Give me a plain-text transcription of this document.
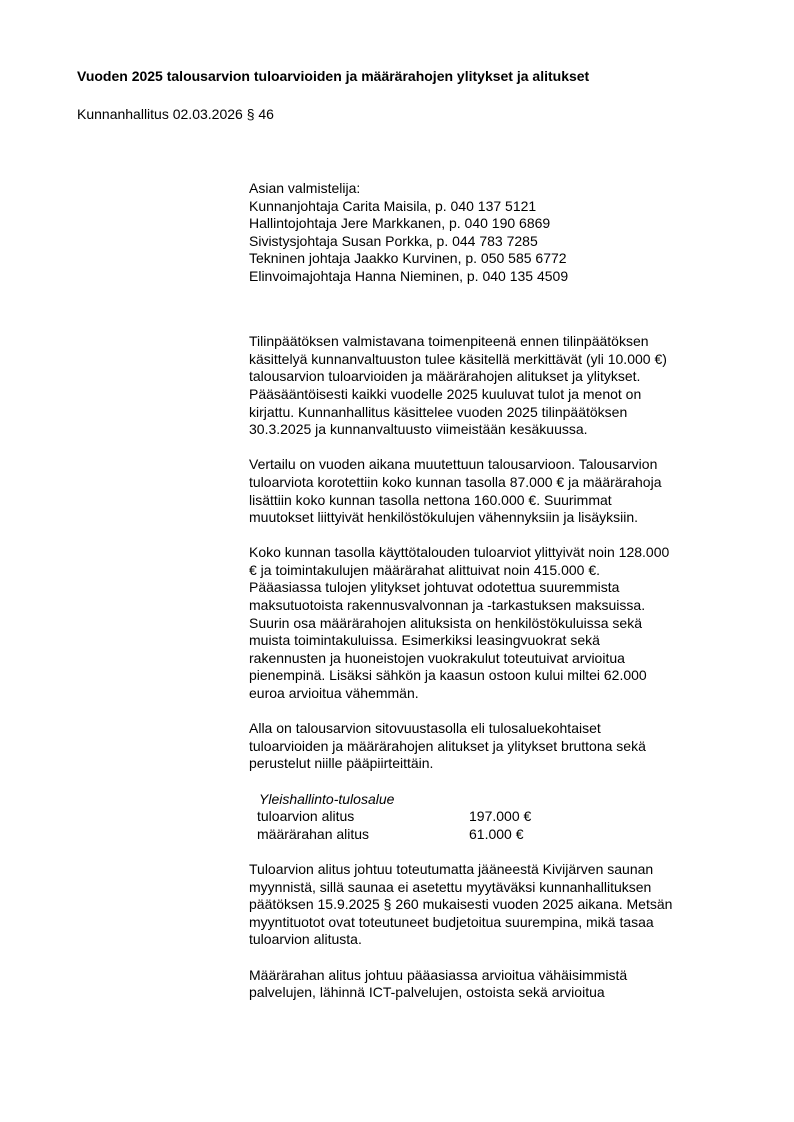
Vuoden 2025 talousarvion tuloarvioiden ja määrärahojen ylitykset ja alitukset
Kunnanhallitus 02.03.2026 § 46
Asian valmistelija:
Kunnanjohtaja Carita Maisila, p. 040 137 5121
Hallintojohtaja Jere Markkanen, p. 040 190 6869
Sivistysjohtaja Susan Porkka, p. 044 783 7285
Tekninen johtaja Jaakko Kurvinen, p. 050 585 6772
Elinvoimajohtaja Hanna Nieminen, p. 040 135 4509
Tilinpäätöksen valmistavana toimenpiteenä ennen tilinpäätöksen
käsittelyä kunnanvaltuuston tulee käsitellä merkittävät (yli 10.000 €)
talousarvion tuloarvioiden ja määrärahojen alitukset ja ylitykset.
Pääsääntöisesti kaikki vuodelle 2025 kuuluvat tulot ja menot on
kirjattu. Kunnanhallitus käsittelee vuoden 2025 tilinpäätöksen
30.3.2025 ja kunnanvaltuusto viimeistään kesäkuussa.
Vertailu on vuoden aikana muutettuun talousarvioon. Talousarvion
tuloarviota korotettiin koko kunnan tasolla 87.000 € ja määrärahoja
lisättiin koko kunnan tasolla nettona 160.000 €. Suurimmat
muutokset liittyivät henkilöstökulujen vähennyksiin ja lisäyksiin.
Koko kunnan tasolla käyttötalouden tuloarviot ylittyivät noin 128.000
€ ja toimintakulujen määrärahat alittuivat noin 415.000 €.
Pääasiassa tulojen ylitykset johtuvat odotettua suuremmista
maksutuotoista rakennusvalvonnan ja -tarkastuksen maksuissa.
Suurin osa määrärahojen alituksista on henkilöstökuluissa sekä
muista toimintakuluissa. Esimerkiksi leasingvuokrat sekä
rakennusten ja huoneistojen vuokrakulut toteutuivat arvioitua
pienempinä. Lisäksi sähkön ja kaasun ostoon kului miltei 62.000
euroa arvioitua vähemmän.
Alla on talousarvion sitovuustasolla eli tulosaluekohtaiset
tuloarvioiden ja määrärahojen alitukset ja ylitykset bruttona sekä
perustelut niille pääpiirteittäin.
Yleishallinto-tulosalue
tuloarvion alitus	197.000 €
määrärahan alitus	61.000 €
Tuloarvion alitus johtuu toteutumatta jääneestä Kivijärven saunan
myynnistä, sillä saunaa ei asetettu myytäväksi kunnanhallituksen
päätöksen 15.9.2025 § 260 mukaisesti vuoden 2025 aikana. Metsän
myyntituotot ovat toteutuneet budjetoitua suurempina, mikä tasaa
tuloarvion alitusta.
Määrärahan alitus johtuu pääasiassa arvioitua vähäisimmistä
palvelujen, lähinnä ICT-palvelujen, ostoista sekä arvioitua
